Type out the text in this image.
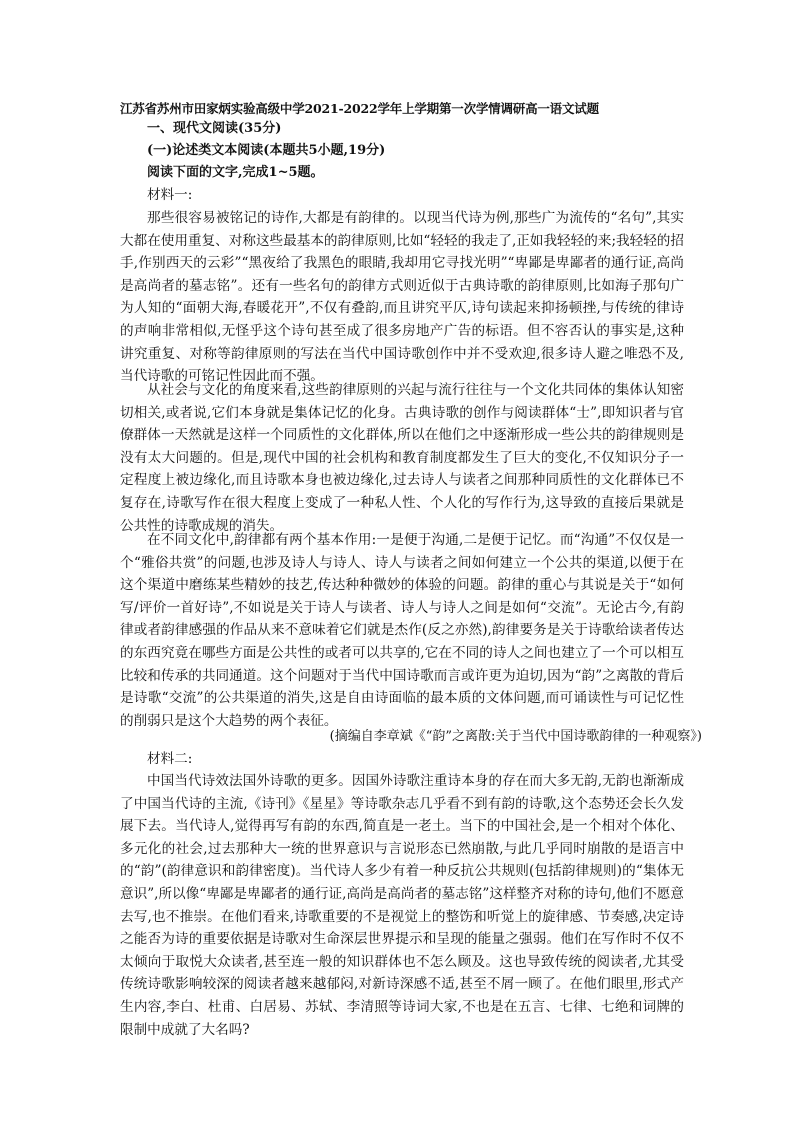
江苏省苏州市田家炳实验高级中学2021-2022学年上学期第一次学情调研高一语文试题
一、现代文阅读(35分)
(一)论述类文本阅读(本题共5小题,19分)
阅读下面的文字,完成1~5题。
材料一:

那些很容易被铭记的诗作,大都是有韵律的。以现当代诗为例,那些广为流传的“名句”,其实大都在使用重复、对称这些最基本的韵律原则,比如“轻轻的我走了,正如我轻轻的来;我轻轻的招手,作别西天的云彩”“黑夜给了我黑色的眼睛,我却用它寻找光明”“卑鄙是卑鄙者的通行证,高尚是高尚者的墓志铭”。还有一些名句的韵律方式则近似于古典诗歌的韵律原则,比如海子那句广为人知的“面朝大海,春暖花开”,不仅有叠韵,而且讲究平仄,诗句读起来抑扬顿挫,与传统的律诗的声响非常相似,无怪乎这个诗句甚至成了很多房地产广告的标语。但不容否认的事实是,这种讲究重复、对称等韵律原则的写法在当代中国诗歌创作中并不受欢迎,很多诗人避之唯恐不及,当代诗歌的可铭记性因此而不强。

从社会与文化的角度来看,这些韵律原则的兴起与流行往往与一个文化共同体的集体认知密切相关,或者说,它们本身就是集体记忆的化身。古典诗歌的创作与阅读群体“士”,即知识者与官僚群体一天然就是这样一个同质性的文化群体,所以在他们之中逐渐形成一些公共的韵律规则是没有太大问题的。但是,现代中国的社会机构和教育制度都发生了巨大的变化,不仅知识分子一定程度上被边缘化,而且诗歌本身也被边缘化,过去诗人与读者之间那种同质性的文化群体已不复存在,诗歌写作在很大程度上变成了一种私人性、个人化的写作行为,这导致的直接后果就是公共性的诗歌成规的消失。

在不同文化中,韵律都有两个基本作用:一是便于沟通,二是便于记忆。而“沟通”不仅仅是一个“雅俗共赏”的问题,也涉及诗人与诗人、诗人与读者之间如何建立一个公共的渠道,以便于在这个渠道中磨练某些精妙的技艺,传达种种微妙的体验的问题。韵律的重心与其说是关于“如何写/评价一首好诗”,不如说是关于诗人与读者、诗人与诗人之间是如何“交流”。无论古今,有韵律或者韵律感强的作品从来不意味着它们就是杰作(反之亦然),韵律要务是关于诗歌给读者传达的东西究竟在哪些方面是公共性的或者可以共享的,它在不同的诗人之间也建立了一个可以相互比较和传承的共同通道。这个问题对于当代中国诗歌而言或许更为迫切,因为“韵”之离散的背后是诗歌“交流”的公共渠道的消失,这是自由诗面临的最本质的文体问题,而可诵读性与可记忆性的削弱只是这个大趋势的两个表征。

(摘编自李章斌《“韵”之离散:关于当代中国诗歌韵律的一种观察》)
材料二:

中国当代诗效法国外诗歌的更多。因国外诗歌注重诗本身的存在而大多无韵,无韵也渐渐成了中国当代诗的主流,《诗刊》《星星》等诗歌杂志几乎看不到有韵的诗歌,这个态势还会长久发展下去。当代诗人,觉得再写有韵的东西,简直是一老土。当下的中国社会,是一个相对个体化、多元化的社会,过去那种大一统的世界意识与言说形态已然崩散,与此几乎同时崩散的是语言中的“韵”(韵律意识和韵律密度)。当代诗人多少有着一种反抗公共规则(包括韵律规则)的“集体无意识”,所以像“卑鄙是卑鄙者的通行证,高尚是高尚者的墓志铭”这样整齐对称的诗句,他们不愿意去写,也不推崇。在他们看来,诗歌重要的不是视觉上的整饬和听觉上的旋律感、节奏感,决定诗之能否为诗的重要依据是诗歌对生命深层世界提示和呈现的能量之强弱。他们在写作时不仅不太倾向于取悦大众读者,甚至连一般的知识群体也不怎么顾及。这也导致传统的阅读者,尤其受传统诗歌影响较深的阅读者越来越郁闷,对新诗深感不适,甚至不屑一顾了。在他们眼里,形式产生内容,李白、杜甫、白居易、苏轼、李清照等诗词大家,不也是在五言、七律、七绝和词牌的限制中成就了大名吗?
